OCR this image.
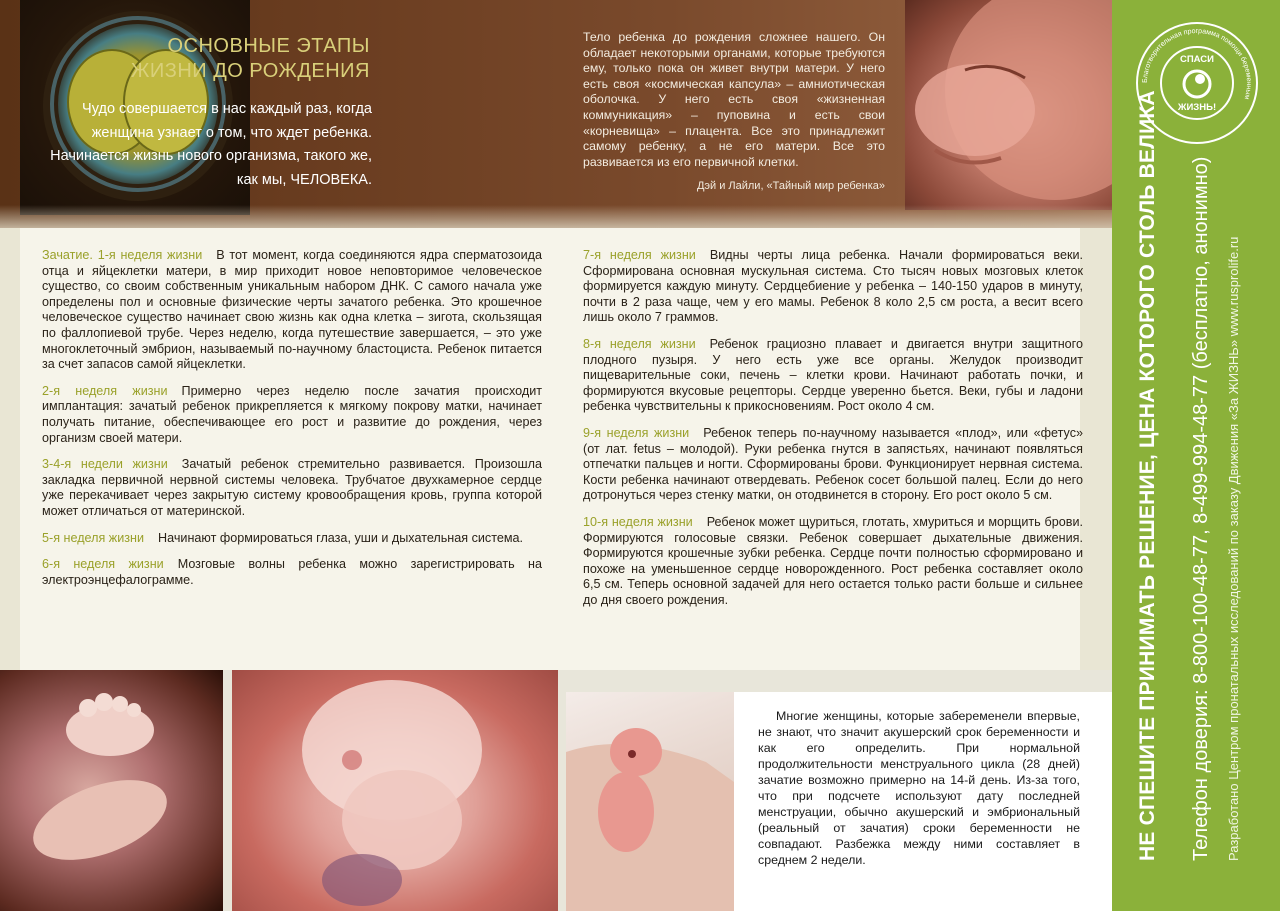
ОСНОВНЫЕ ЭТАПЫ
ЖИЗНИ ДО РОЖДЕНИЯ
Чудо совершается в нас каждый раз, когда женщина узнает о том, что ждет ребенка. Начинается жизнь нового организма, такого же, как мы, ЧЕЛОВЕКА.
Тело ребенка до рождения сложнее нашего. Он обладает некоторыми органами, которые требуются ему, только пока он живет внутри матери. У него есть своя «космическая капсула» – амниотическая оболочка. У него есть своя «жизненная коммуникация» – пуповина и есть свои «корневища» – плацента. Все это принадлежит самому ребенку, а не его матери. Все это развивается из его первичной клетки.
Дэй и Лайли, «Тайный мир ребенка»
Зачатие. 1-я неделя жизни В тот момент, когда соединяются ядра сперматозоида отца и яйцеклетки матери, в мир приходит новое неповторимое человеческое существо, со своим собственным уникальным набором ДНК. С самого начала уже определены пол и основные физические черты зачатого ребенка. Это крошечное человеческое существо начинает свою жизнь как одна клетка – зигота, скользящая по фаллопиевой трубе. Через неделю, когда путешествие завершается, – это уже многоклеточный эмбрион, называемый по-научному бластоциста. Ребенок питается за счет запасов самой яйцеклетки.
2-я неделя жизни Примерно через неделю после зачатия происходит имплантация: зачатый ребенок прикрепляется к мягкому покрову матки, начинает получать питание, обеспечивающее его рост и развитие до рождения, через организм своей матери.
3-4-я недели жизни Зачатый ребенок стремительно развивается. Произошла закладка первичной нервной системы человека. Трубчатое двухкамерное сердце уже перекачивает через закрытую систему кровообращения кровь, группа которой может отличаться от материнской.
5-я неделя жизни Начинают формироваться глаза, уши и дыхательная система.
6-я неделя жизни Мозговые волны ребенка можно зарегистрировать на электроэнцефалограмме.
7-я неделя жизни Видны черты лица ребенка. Начали формироваться веки. Сформирована основная мускульная система. Сто тысяч новых мозговых клеток формируется каждую минуту. Сердцебиение у ребенка – 140-150 ударов в минуту, почти в 2 раза чаще, чем у его мамы. Ребенок 8 коло 2,5 см роста, а весит всего лишь около 7 граммов.
8-я неделя жизни Ребенок грациозно плавает и двигается внутри защитного плодного пузыря. У него есть уже все органы. Желудок производит пищеварительные соки, печень – клетки крови. Начинают работать почки, и формируются вкусовые рецепторы. Сердце уверенно бьется. Веки, губы и ладони ребенка чувствительны к прикосновениям. Рост около 4 см.
9-я неделя жизни Ребенок теперь по-научному называется «плод», или «фетус» (от лат. fetus – молодой). Руки ребенка гнутся в запястьях, начинают появляться отпечатки пальцев и ногти. Сформированы брови. Функционирует нервная система. Кости ребенка начинают отвердевать. Ребенок сосет большой палец. Если до него дотронуться через стенку матки, он отодвинется в сторону. Его рост около 5 см.
10-я неделя жизни Ребенок может щуриться, глотать, хмуриться и морщить брови. Формируются голосовые связки. Ребенок совершает дыхательные движения. Формируются крошечные зубки ребенка. Сердце почти полностью сформировано и похоже на уменьшенное сердце новорожденного. Рост ребенка составляет около 6,5 см. Теперь основной задачей для него остается только расти больше и сильнее до дня своего рождения.
Многие женщины, которые забеременели впервые, не знают, что значит акушерский срок беременности и как его определить. При нормальной продолжительности менструального цикла (28 дней) зачатие возможно примерно на 14-й день. Из-за того, что при подсчете используют дату последней менструации, обычно акушерский и эмбриональный (реальный от зачатия) сроки беременности не совпадают. Разбежка между ними составляет в среднем 2 недели.	НЕ СПЕШИТЕ ПРИНИМАТЬ РЕШЕНИЕ, ЦЕНА КОТОРОГО СТОЛЬ ВЕЛИКА Телефон доверия: 8-800-100-48-77, 8-499-994-48-77 (бесплатно, анонимно) Разработано Центром пронатальных исследований по заказу Движения «За ЖИЗНЬ» www.rusprolife.ru
Благотворительная программа помощи беременным
СПАСИ
ЖИЗНЬ!
